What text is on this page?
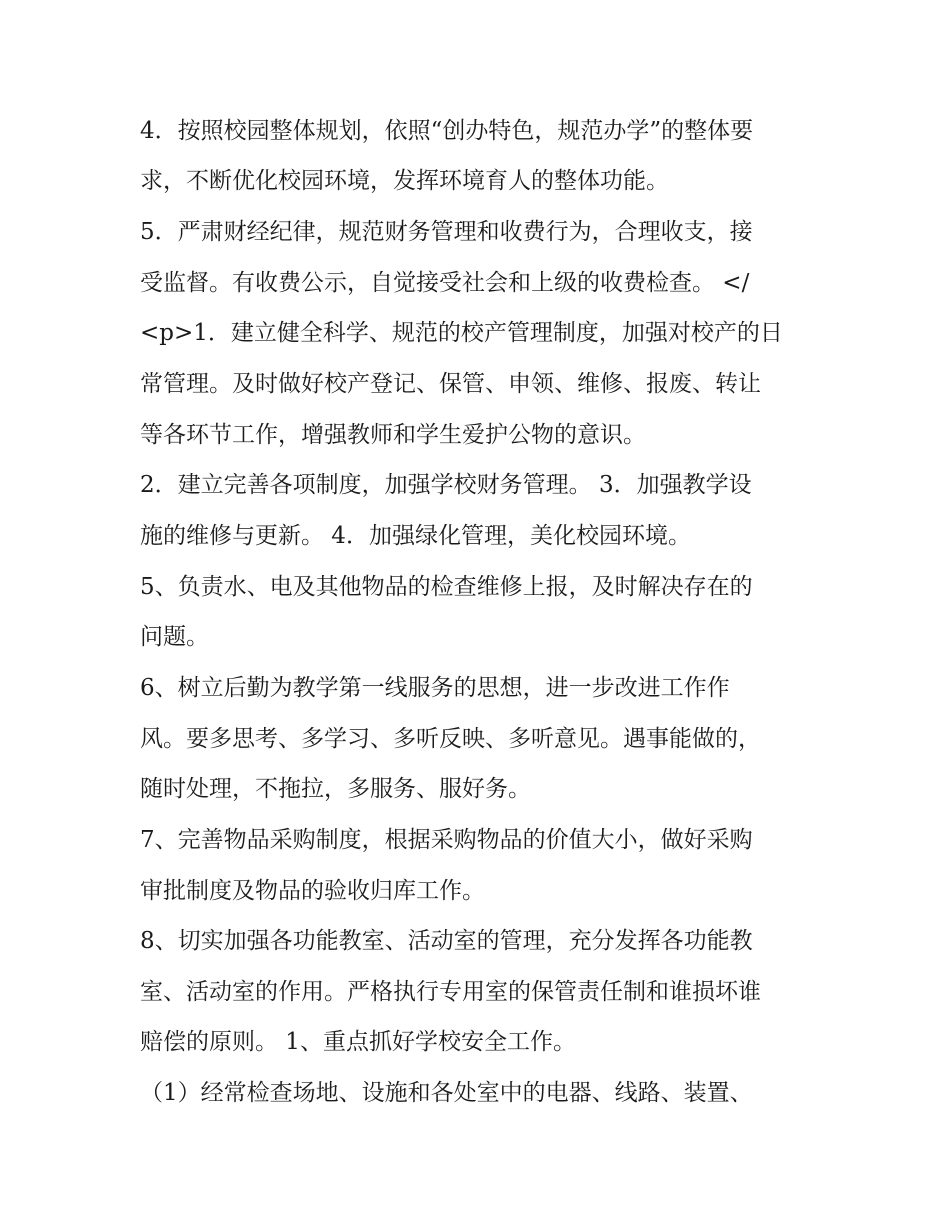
4．按照校园整体规划，依照“创办特色，规范办学”的整体要
求，不断优化校园环境，发挥环境育人的整体功能。
5．严肃财经纪律，规范财务管理和收费行为，合理收支，接
受监督。有收费公示，自觉接受社会和上级的收费检查。 </
<p>1．建立健全科学、规范的校产管理制度，加强对校产的日
常管理。及时做好校产登记、保管、申领、维修、报废、转让
等各环节工作，增强教师和学生爱护公物的意识。
2．建立完善各项制度，加强学校财务管理。 3．加强教学设
施的维修与更新。 4．加强绿化管理，美化校园环境。
5、负责水、电及其他物品的检查维修上报，及时解决存在的
问题。
6、树立后勤为教学第一线服务的思想，进一步改进工作作
风。要多思考、多学习、多听反映、多听意见。遇事能做的，
随时处理，不拖拉，多服务、服好务。
7、完善物品采购制度，根据采购物品的价值大小，做好采购
审批制度及物品的验收归库工作。
8、切实加强各功能教室、活动室的管理，充分发挥各功能教
室、活动室的作用。严格执行专用室的保管责任制和谁损坏谁
赔偿的原则。 1、重点抓好学校安全工作。
（1）经常检查场地、设施和各处室中的电器、线路、装置、
